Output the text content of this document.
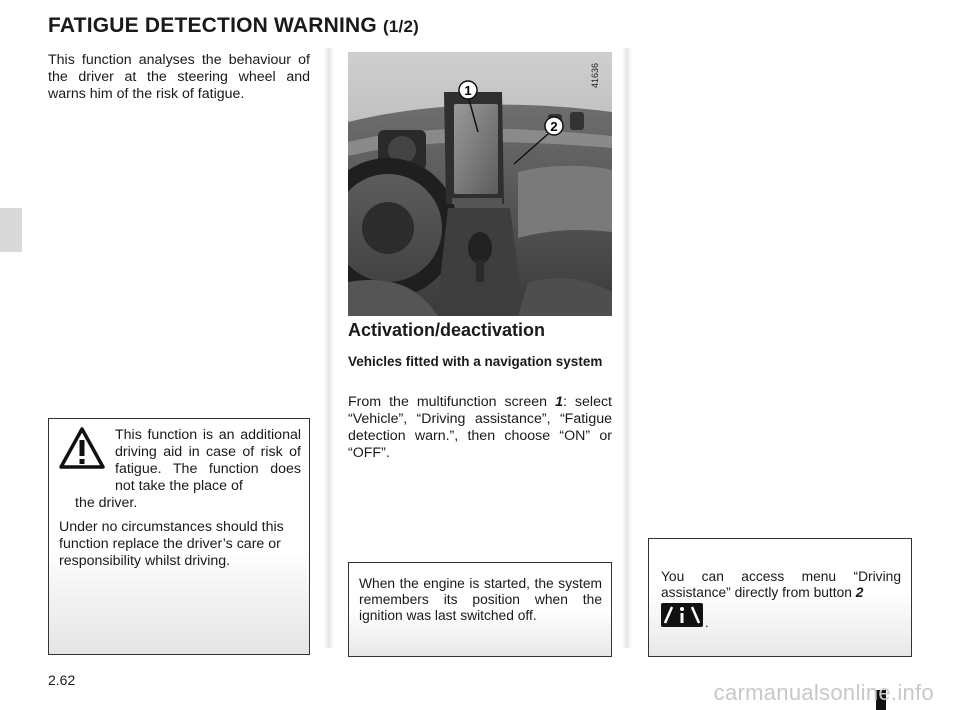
FATIGUE DETECTION WARNING (1/2)
This function analyses the behaviour of the driver at the steering wheel and warns him of the risk of fatigue.
This function is an additional driving aid in case of risk of fatigue. The function does not take the place of
the driver.
Under no circumstances should this function replace the driver’s care or responsibility whilst driving.
1
2
41636
Activation/deactivation
Vehicles fitted with a navigation system
From the multifunction screen 1: select “Vehicle”, “Driving assistance”, “Fatigue detection warn.”, then choose “ON” or “OFF”.
When the engine is started, the system remembers its position when the ignition was last switched off.
You can access menu “Driving assistance” directly from button 2
.
2.62	carmanualsonline.info
